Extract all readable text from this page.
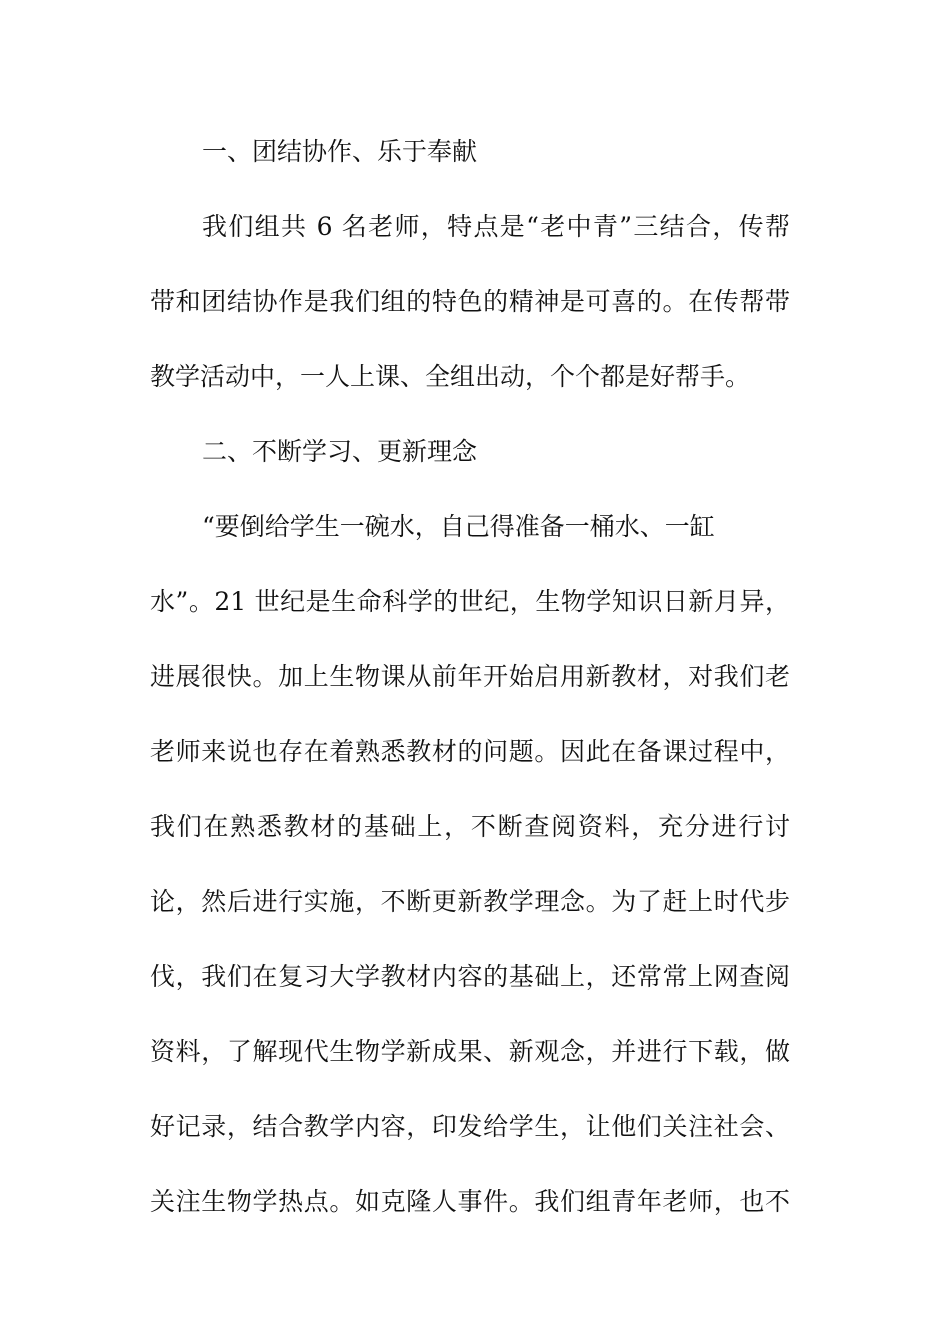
一、团结协作、乐于奉献
我们组共 6 名老师，特点是“老中青”三结合，传帮
带和团结协作是我们组的特色的精神是可喜的。在传帮带
教学活动中，一人上课、全组出动，个个都是好帮手。
二、不断学习、更新理念
“要倒给学生一碗水，自己得准备一桶水、一缸
水”。21 世纪是生命科学的世纪，生物学知识日新月异，
进展很快。加上生物课从前年开始启用新教材，对我们老
老师来说也存在着熟悉教材的问题。因此在备课过程中，
我们在熟悉教材的基础上，不断查阅资料，充分进行讨
论，然后进行实施，不断更新教学理念。为了赶上时代步
伐，我们在复习大学教材内容的基础上，还常常上网查阅
资料，了解现代生物学新成果、新观念，并进行下载，做
好记录，结合教学内容，印发给学生，让他们关注社会、
关注生物学热点。如克隆人事件。我们组青年老师，也不
